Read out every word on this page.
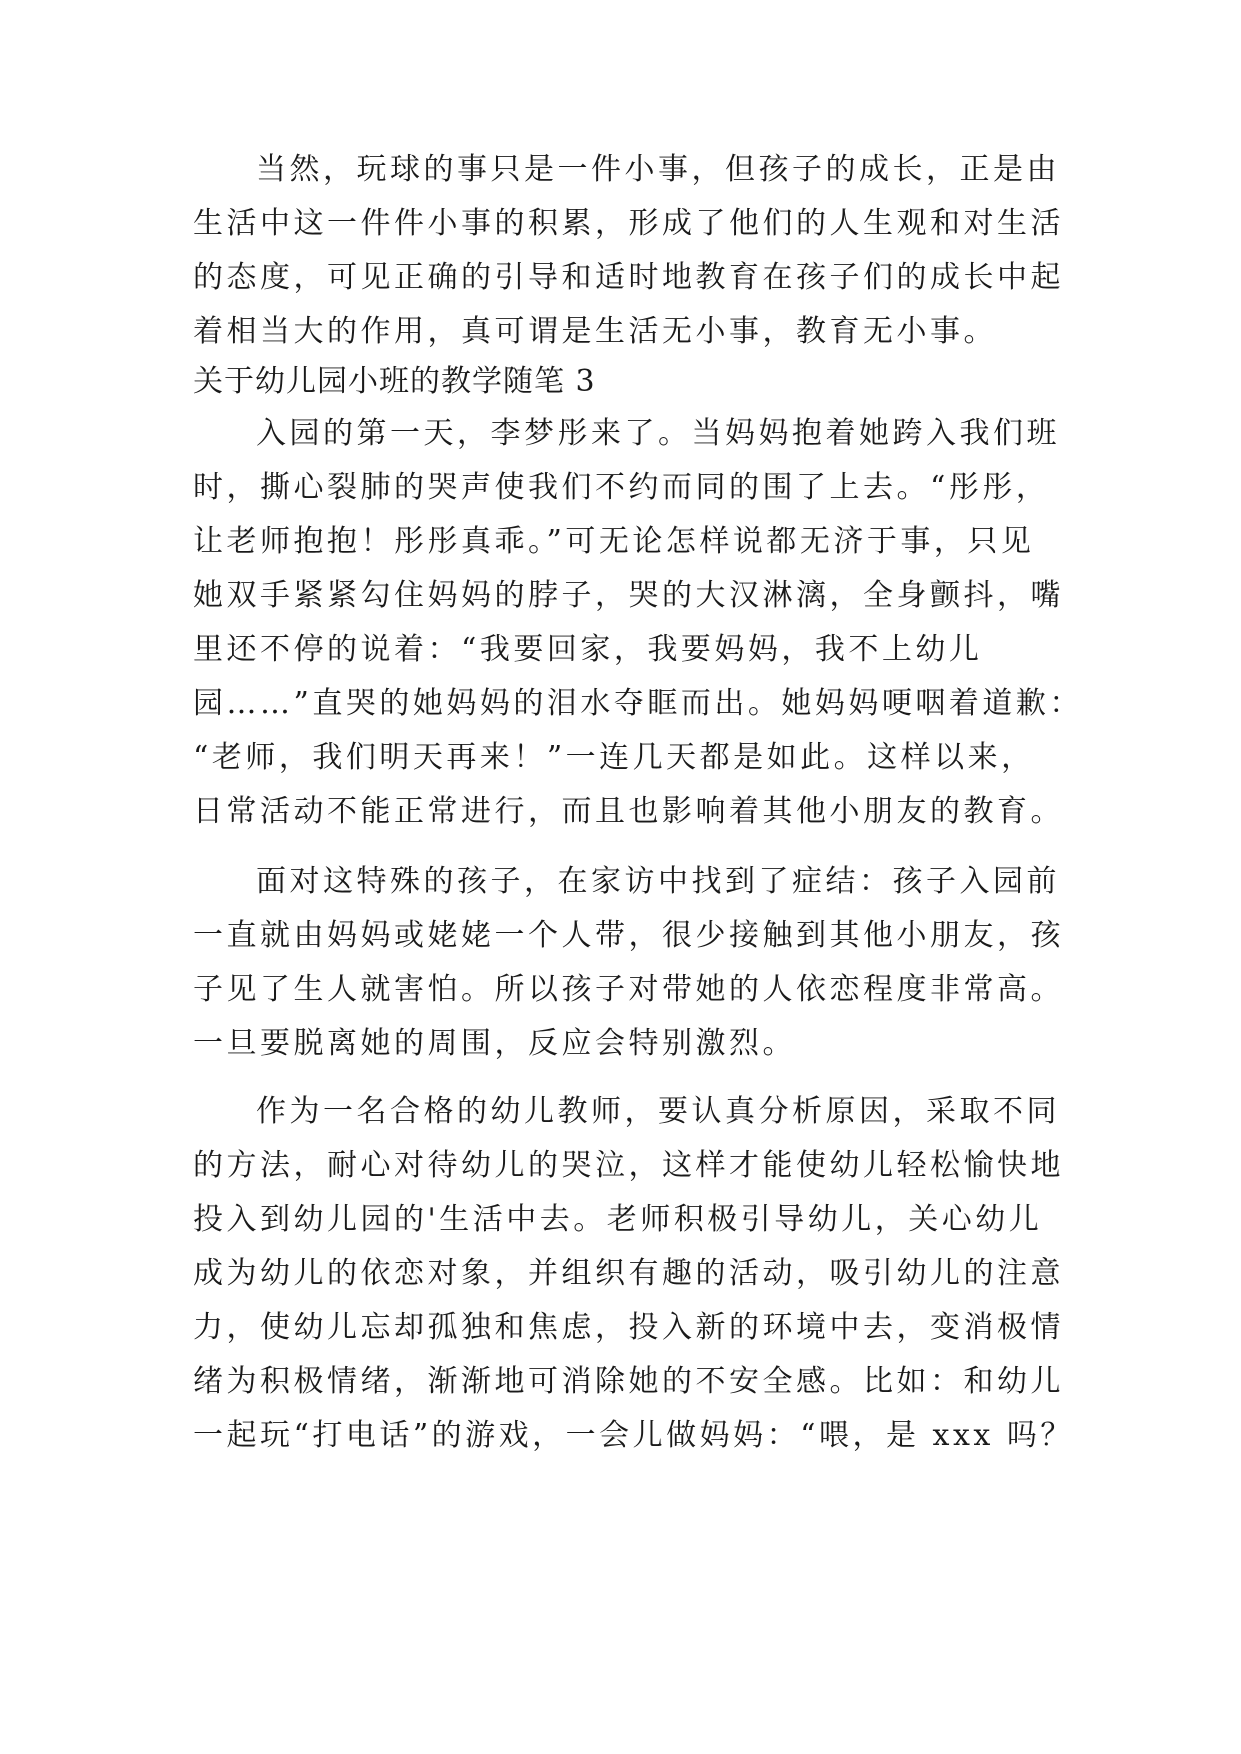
当然，玩球的事只是一件小事，但孩子的成长，正是由
生活中这一件件小事的积累，形成了他们的人生观和对生活
的态度，可见正确的引导和适时地教育在孩子们的成长中起
着相当大的作用，真可谓是生活无小事，教育无小事。
关于幼儿园小班的教学随笔 3
入园的第一天，李梦彤来了。当妈妈抱着她跨入我们班
时，撕心裂肺的哭声使我们不约而同的围了上去。“彤彤，
让老师抱抱！彤彤真乖。”可无论怎样说都无济于事，只见
她双手紧紧勾住妈妈的脖子，哭的大汉淋漓，全身颤抖，嘴
里还不停的说着：“我要回家，我要妈妈，我不上幼儿
园……”直哭的她妈妈的泪水夺眶而出。她妈妈哽咽着道歉：
“老师，我们明天再来！”一连几天都是如此。这样以来，
日常活动不能正常进行，而且也影响着其他小朋友的教育。
面对这特殊的孩子，在家访中找到了症结：孩子入园前
一直就由妈妈或姥姥一个人带，很少接触到其他小朋友，孩
子见了生人就害怕。所以孩子对带她的人依恋程度非常高。
一旦要脱离她的周围，反应会特别激烈。
作为一名合格的幼儿教师，要认真分析原因，采取不同
的方法，耐心对待幼儿的哭泣，这样才能使幼儿轻松愉快地
投入到幼儿园的'生活中去。老师积极引导幼儿，关心幼儿
成为幼儿的依恋对象，并组织有趣的活动，吸引幼儿的注意
力，使幼儿忘却孤独和焦虑，投入新的环境中去，变消极情
绪为积极情绪，渐渐地可消除她的不安全感。比如：和幼儿
一起玩“打电话”的游戏，一会儿做妈妈：“喂，是 xxx 吗？
